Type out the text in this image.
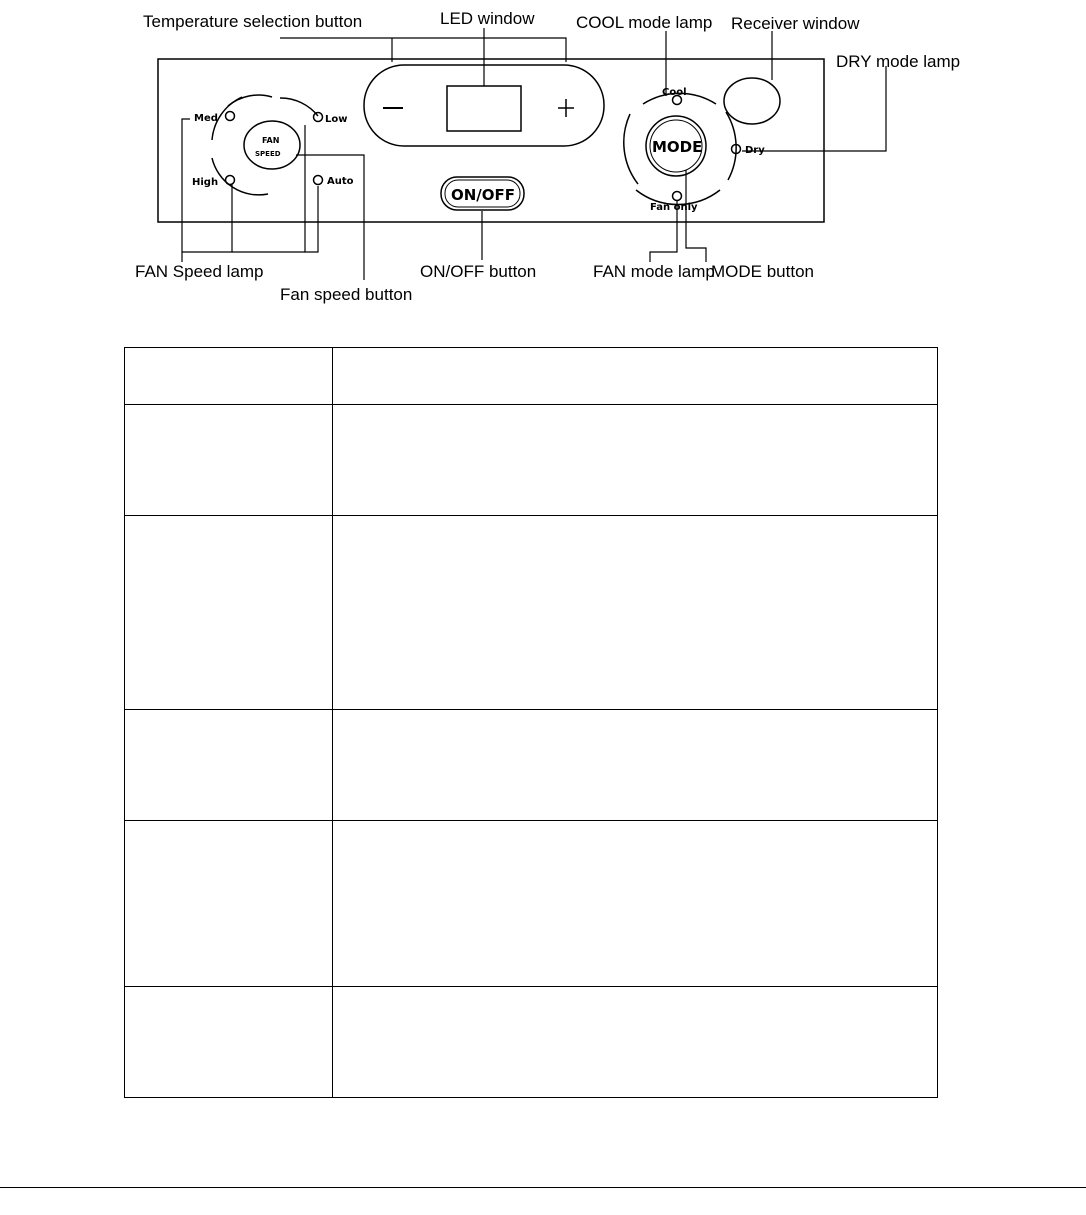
Temperature selection button	LED window COOL mode lamp Receiver window
DRY mode lamp
FAN Speed lamp
Fan speed button
ON/OFF button	FAN mode lamp
MODE button
Med	Low
High	Auto
FAN
SPEED
ON/OFF
Cool
Dry
Fan only
MODE
